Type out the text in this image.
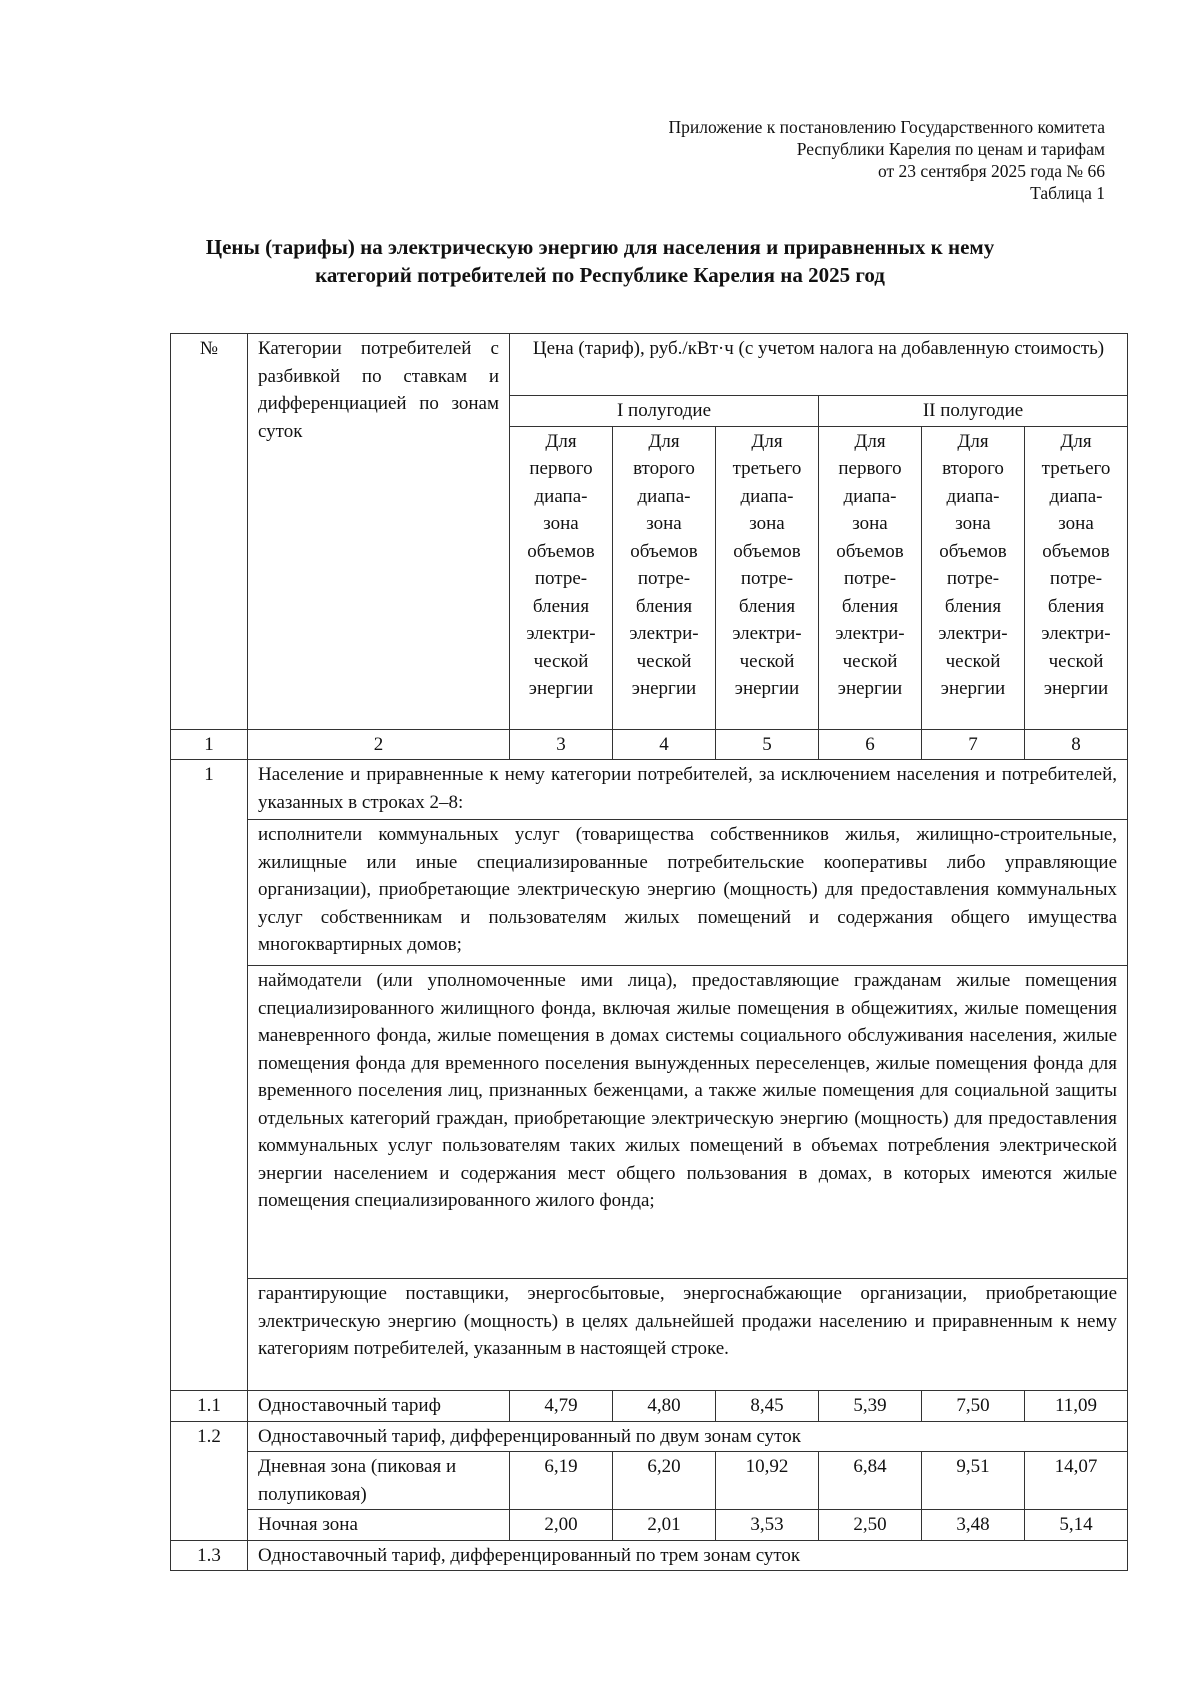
Приложение к постановлению Государственного комитета
Республики Карелия по ценам и тарифам
от 23 сентября 2025 года № 66
Таблица 1
Цены (тарифы) на электрическую энергию для населения и приравненных к нему
категорий потребителей по Республике Карелия на 2025 год
№	Категории потребителей с разбивкой по ставкам и дифференциацией по зонам суток	Цена (тариф), руб./кВт·ч (с учетом налога на добавленную стоимость)					
		I полугодие			II полугодие		
		Для первого диапа-зона объемов потре-бления электри-ческой энергии	Для второго диапа-зона объемов потре-бления электри-ческой энергии	Для третьего диапа-зона объемов потре-бления электри-ческой энергии	Для первого диапа-зона объемов потре-бления электри-ческой энергии	Для второго диапа-зона объемов потре-бления электри-ческой энергии	Для третьего диапа-зона объемов потре-бления электри-ческой энергии
1	2	3	4	5	6	7	8
1	Население и приравненные к нему категории потребителей, за исключением населения и потребителей, указанных в строках 2–8:						
	исполнители коммунальных услуг (товарищества собственников жилья, жилищно-строительные, жилищные или иные специализированные потребительские кооперативы либо управляющие организации), приобретающие электрическую энергию (мощность) для предоставления коммунальных услуг собственникам и пользователям жилых помещений и содержания общего имущества многоквартирных домов;						
	наймодатели (или уполномоченные ими лица), предоставляющие гражданам жилые помещения специализированного жилищного фонда, включая жилые помещения в общежитиях, жилые помещения маневренного фонда, жилые помещения в домах системы социального обслуживания населения, жилые помещения фонда для временного поселения вынужденных переселенцев, жилые помещения фонда для временного поселения лиц, признанных беженцами, а также жилые помещения для социальной защиты отдельных категорий граждан, приобретающие электрическую энергию (мощность) для предоставления коммунальных услуг пользователям таких жилых помещений в объемах потребления электрической энергии населением и содержания мест общего пользования в домах, в которых имеются жилые помещения специализированного жилого фонда;						
	гарантирующие поставщики, энергосбытовые, энергоснабжающие организации, приобретающие электрическую энергию (мощность) в целях дальнейшей продажи населению и приравненным к нему категориям потребителей, указанным в настоящей строке.						

1.1	Одноставочный тариф	4,79	4,80	8,45	5,39	7,50	11,09
1.2	Одноставочный тариф, дифференцированный по двум зонам суток						
	Дневная зона (пиковая и полупиковая)	6,19	6,20	10,92	6,84	9,51	14,07
	Ночная зона	2,00	2,01	3,53	2,50	3,48	5,14
1.3	Одноставочный тариф, дифференцированный по трем зонам суток						
